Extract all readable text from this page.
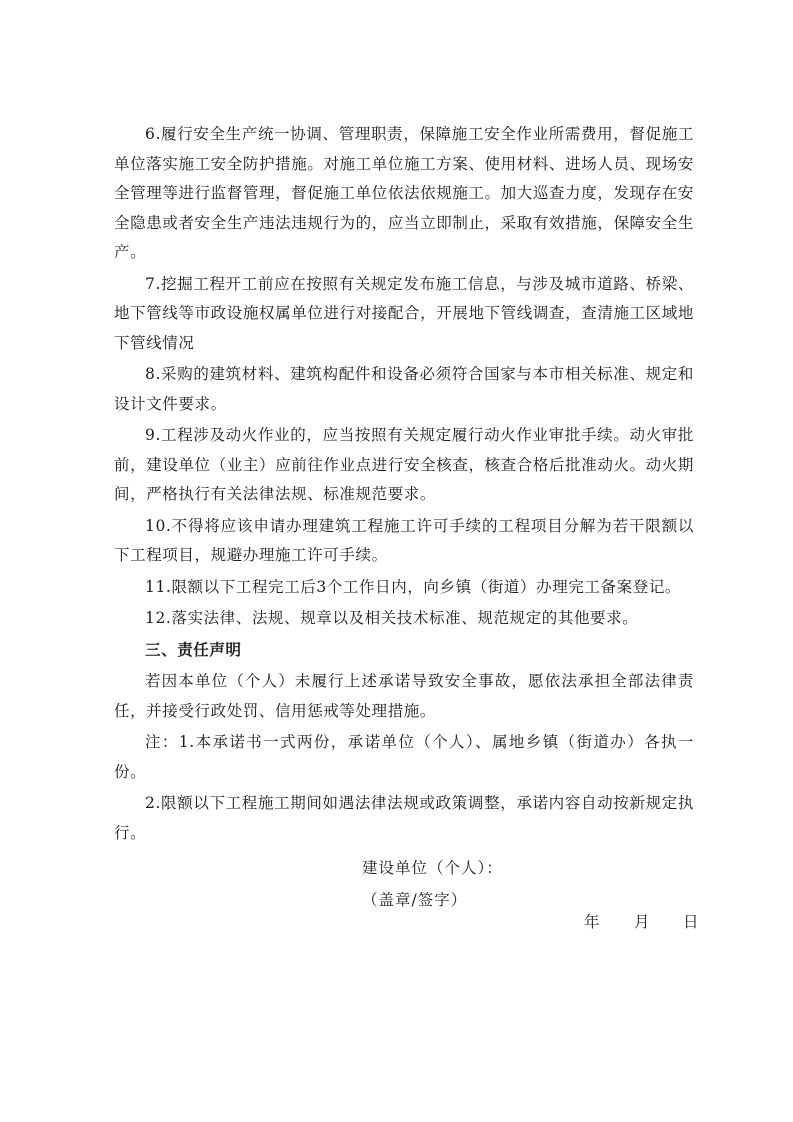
6.履行安全生产统一协调、管理职责，保障施工安全作业所需费用，督促施工单位落实施工安全防护措施。对施工单位施工方案、使用材料、进场人员、现场安全管理等进行监督管理，督促施工单位依法依规施工。加大巡查力度，发现存在安全隐患或者安全生产违法违规行为的，应当立即制止，采取有效措施，保障安全生产。

7.挖掘工程开工前应在按照有关规定发布施工信息，与涉及城市道路、桥梁、地下管线等市政设施权属单位进行对接配合，开展地下管线调查，查清施工区域地下管线情况

8.采购的建筑材料、建筑构配件和设备必须符合国家与本市相关标准、规定和设计文件要求。

9.工程涉及动火作业的，应当按照有关规定履行动火作业审批手续。动火审批前，建设单位（业主）应前往作业点进行安全核查，核查合格后批准动火。动火期间，严格执行有关法律法规、标准规范要求。

10.不得将应该申请办理建筑工程施工许可手续的工程项目分解为若干限额以下工程项目，规避办理施工许可手续。

11.限额以下工程完工后3个工作日内，向乡镇（街道）办理完工备案登记。

12.落实法律、法规、规章以及相关技术标准、规范规定的其他要求。

三、责任声明

若因本单位（个人）未履行上述承诺导致安全事故，愿依法承担全部法律责任，并接受行政处罚、信用惩戒等处理措施。

注：1.本承诺书一式两份，承诺单位（个人）、属地乡镇（街道办）各执一份。

2.限额以下工程施工期间如遇法律法规或政策调整，承诺内容自动按新规定执行。

建设单位（个人）：
（盖章/签字）
年 月 日
